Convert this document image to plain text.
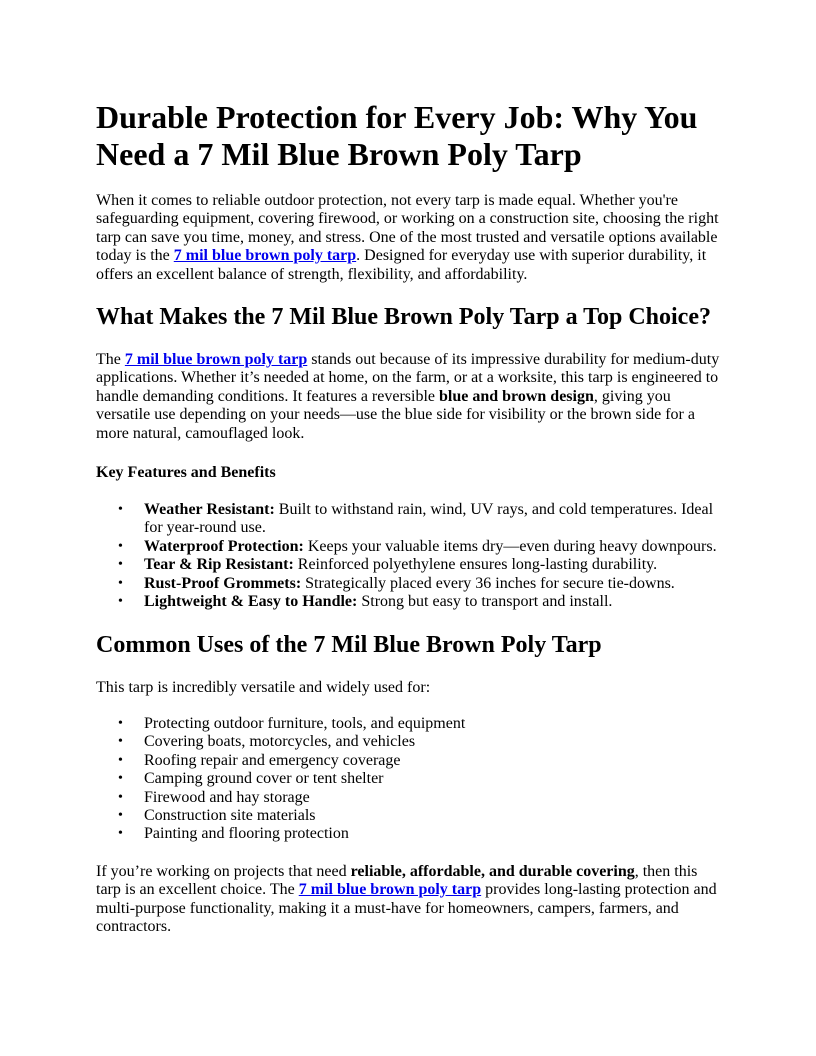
Durable Protection for Every Job: Why You Need a 7 Mil Blue Brown Poly Tarp

When it comes to reliable outdoor protection, not every tarp is made equal. Whether you're safeguarding equipment, covering firewood, or working on a construction site, choosing the right tarp can save you time, money, and stress. One of the most trusted and versatile options available today is the 7 mil blue brown poly tarp. Designed for everyday use with superior durability, it offers an excellent balance of strength, flexibility, and affordability.

What Makes the 7 Mil Blue Brown Poly Tarp a Top Choice?

The 7 mil blue brown poly tarp stands out because of its impressive durability for medium-duty applications. Whether it’s needed at home, on the farm, or at a worksite, this tarp is engineered to handle demanding conditions. It features a reversible blue and brown design, giving you versatile use depending on your needs—use the blue side for visibility or the brown side for a more natural, camouflaged look.

Key Features and Benefits
• Weather Resistant: Built to withstand rain, wind, UV rays, and cold temperatures. Ideal for year-round use.
• Waterproof Protection: Keeps your valuable items dry—even during heavy downpours.
• Tear & Rip Resistant: Reinforced polyethylene ensures long-lasting durability.
• Rust-Proof Grommets: Strategically placed every 36 inches for secure tie-downs.
• Lightweight & Easy to Handle: Strong but easy to transport and install.
Common Uses of the 7 Mil Blue Brown Poly Tarp

This tarp is incredibly versatile and widely used for:

• Protecting outdoor furniture, tools, and equipment
• Covering boats, motorcycles, and vehicles
• Roofing repair and emergency coverage
• Camping ground cover or tent shelter
• Firewood and hay storage
• Construction site materials
• Painting and flooring protection

If you’re working on projects that need reliable, affordable, and durable covering, then this tarp is an excellent choice. The 7 mil blue brown poly tarp provides long-lasting protection and multi-purpose functionality, making it a must-have for homeowners, campers, farmers, and contractors.
